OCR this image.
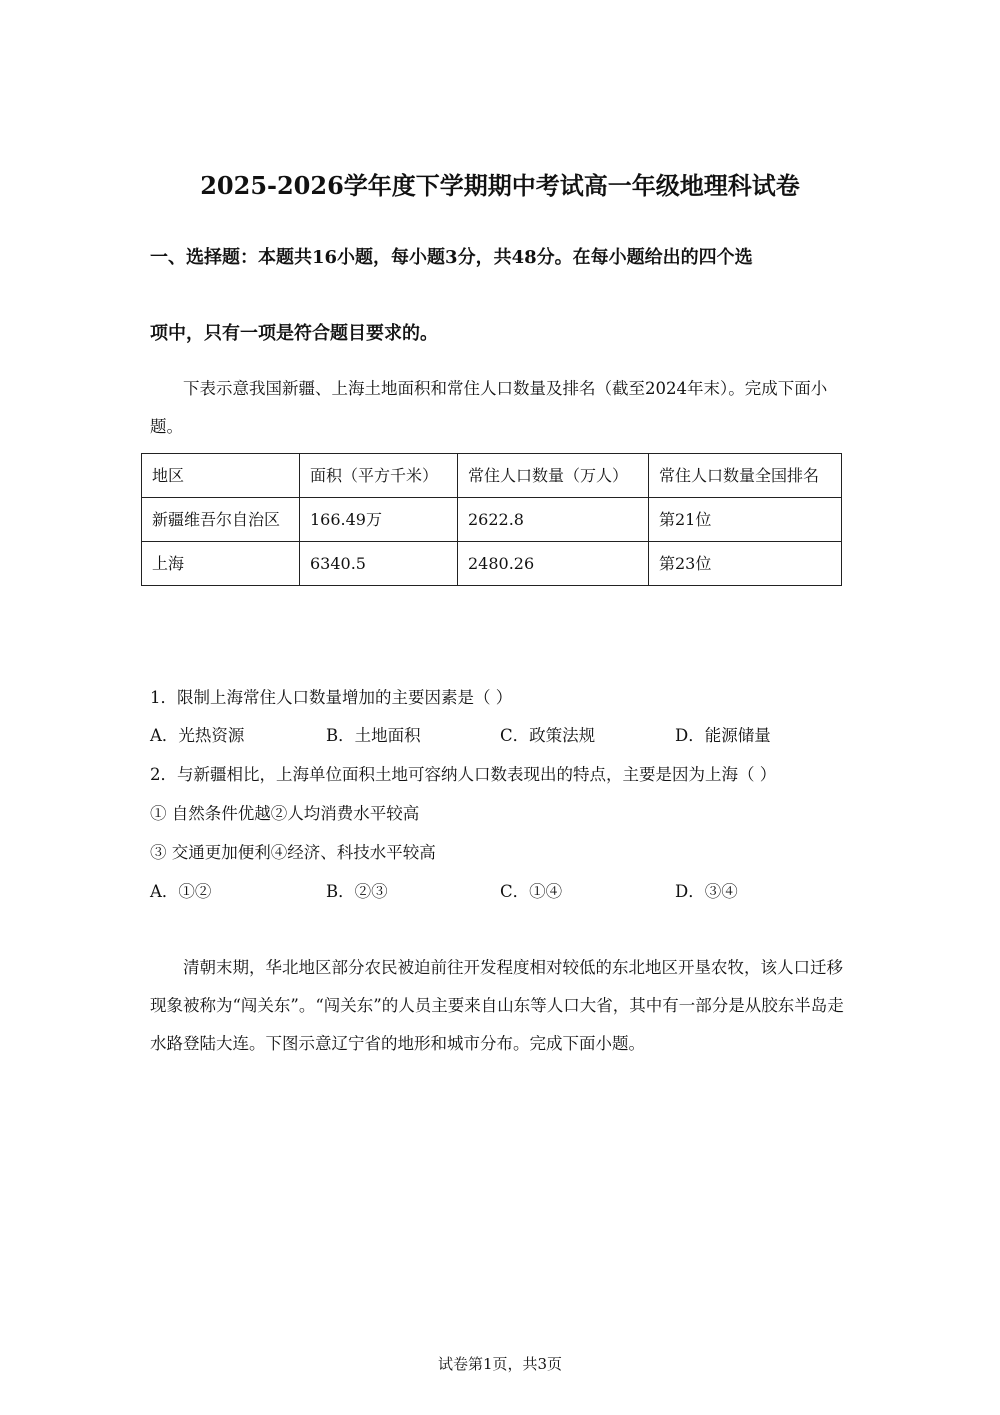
2025-2026学年度下学期期中考试高一年级地理科试卷
一、选择题：本题共16小题，每小题3分，共48分。在每小题给出的四个选
项中，只有一项是符合题目要求的。
下表示意我国新疆、上海土地面积和常住人口数量及排名（截至2024年末）。完成下面小题。
地区	面积（平方千米）	常住人口数量（万人）	常住人口数量全国排名
新疆维吾尔自治区	166.49万	2622.8	第21位
上海	6340.5	2480.26	第23位
1．限制上海常住人口数量增加的主要因素是（ ）
A．光热资源	B．土地面积	C．政策法规	D．能源储量
2．与新疆相比，上海单位面积土地可容纳人口数表现出的特点，主要是因为上海（ ）
① 自然条件优越②人均消费水平较高
③ 交通更加便利④经济、科技水平较高
A．①②	B．②③	C．①④	D．③④
清朝末期，华北地区部分农民被迫前往开发程度相对较低的东北地区开垦农牧，该人口迁移现象被称为“闯关东”。“闯关东”的人员主要来自山东等人口大省，其中有一部分是从胶东半岛走水路登陆大连。下图示意辽宁省的地形和城市分布。完成下面小题。
试卷第1页，共3页
